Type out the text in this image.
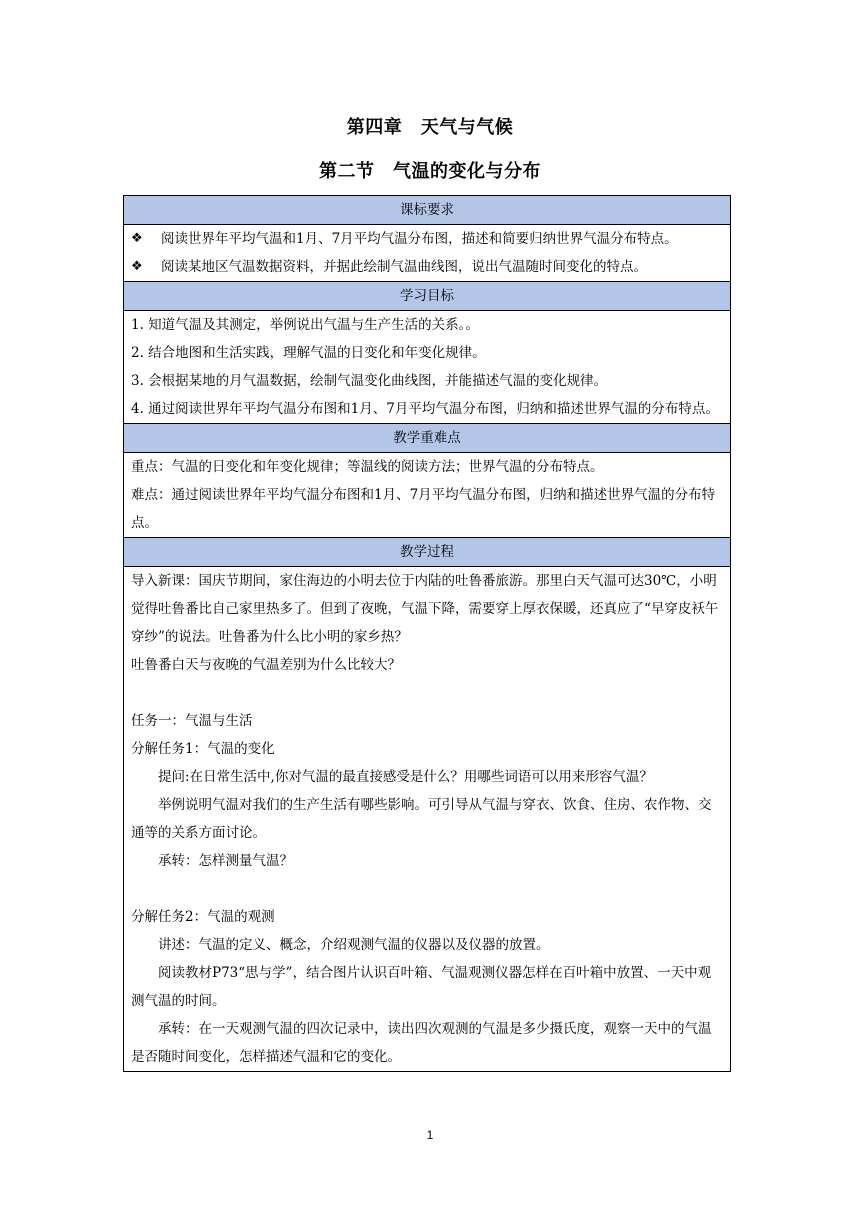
第四章　天气与气候
第二节　气温的变化与分布
课标要求

❖	阅读世界年平均气温和1月、7月平均气温分布图，描述和简要归纳世界气温分布特点。
❖	阅读某地区气温数据资料，并据此绘制气温曲线图，说出气温随时间变化的特点。

学习目标

1. 知道气温及其测定，举例说出气温与生产生活的关系。。
2. 结合地图和生活实践，理解气温的日变化和年变化规律。
3. 会根据某地的月气温数据，绘制气温变化曲线图，并能描述气温的变化规律。
4. 通过阅读世界年平均气温分布图和1月、7月平均气温分布图，归纳和描述世界气温的分布特点。

教学重难点

重点：气温的日变化和年变化规律；等温线的阅读方法；世界气温的分布特点。
难点：通过阅读世界年平均气温分布图和1月、7月平均气温分布图，归纳和描述世界气温的分布特点。

教学过程

导入新课：国庆节期间，家住海边的小明去位于内陆的吐鲁番旅游。那里白天气温可达30℃，小明觉得吐鲁番比自己家里热多了。但到了夜晚，气温下降，需要穿上厚衣保暖，还真应了“早穿皮袄午穿纱”的说法。吐鲁番为什么比小明的家乡热？
吐鲁番白天与夜晚的气温差别为什么比较大？
任务一：气温与生活
分解任务1：气温的变化
提问:在日常生活中,你对气温的最直接感受是什么？用哪些词语可以用来形容气温？
举例说明气温对我们的生产生活有哪些影响。可引导从气温与穿衣、饮食、住房、农作物、交通等的关系方面讨论。
承转：怎样测量气温？
分解任务2：气温的观测
讲述：气温的定义、概念，介绍观测气温的仪器以及仪器的放置。
阅读教材P73“思与学”，结合图片认识百叶箱、气温观测仪器怎样在百叶箱中放置、一天中观测气温的时间。
承转：在一天观测气温的四次记录中，读出四次观测的气温是多少摄氏度，观察一天中的气温是否随时间变化，怎样描述气温和它的变化。
1
